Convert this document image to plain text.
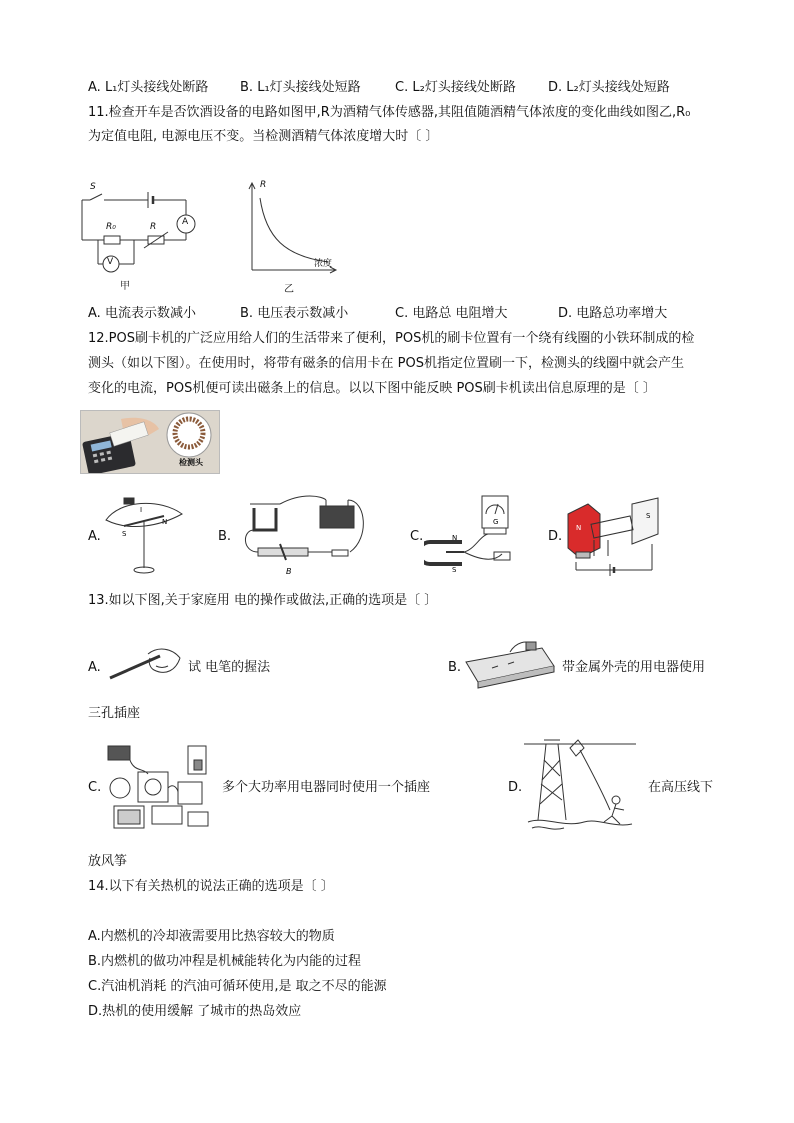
A. L₁灯头接线处断路 B. L₁灯头接线处短路	C. L₂灯头接线处断路 D. L₂灯头接线处短路
11.检查开车是否饮酒设备的电路如图甲,R为酒精气体传感器,其阻值随酒精气体浓度的变化曲线如图乙,R₀
为定值电阻, 电源电压不变。当检测酒精气体浓度增大时〔 〕
S
A
V
R₀	R
甲
R
浓度
乙
A. 电流表示数减小	B. 电压表示数减小	C. 电路总 电阻增大	D. 电路总功率增大
12.POS刷卡机的广泛应用给人们的生活带来了便利，POS机的刷卡位置有一个绕有线圈的小铁环制成的检
测头（如以下图）。在使用时，将带有磁条的信用卡在 POS机指定位置刷一下，检测头的线圈中就会产生
变化的电流，POS机便可读出磁条上的信息。以以下图中能反映 POS刷卡机读出信息原理的是〔 〕
检测头
A.	S
N
I
B.
B
C.	N
S
G
D.
N
S
13.如以下图,关于家庭用 电的操作或做法,正确的选项是〔 〕
A.	试 电笔的握法	B.	带金属外壳的用电器使用
三孔插座
C.	多个大功率用电器同时使用一个插座	D.	在高压线下
放风筝
14.以下有关热机的说法正确的选项是〔 〕
A.内燃机的冷却液需要用比热容较大的物质
B.内燃机的做功冲程是机械能转化为内能的过程
C.汽油机消耗 的汽油可循环使用,是 取之不尽的能源
D.热机的使用缓解 了城市的热岛效应
